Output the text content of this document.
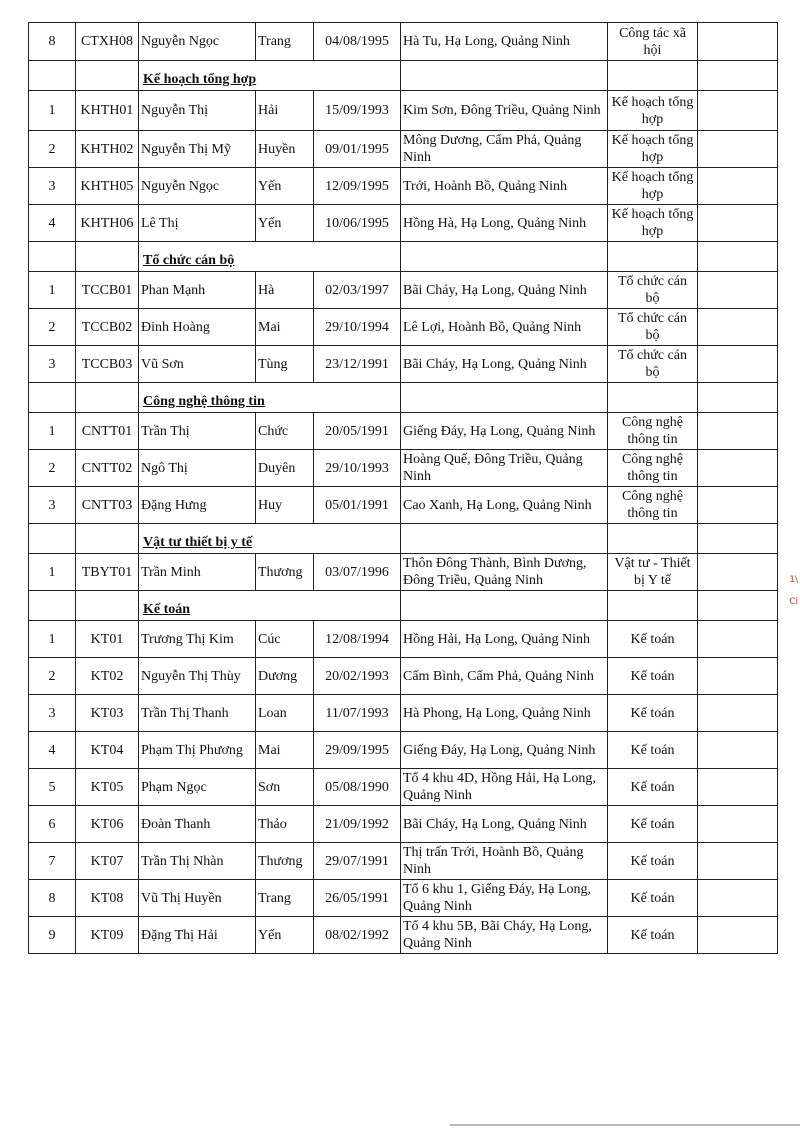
8	CTXH08	Nguyễn Ngọc	Trang	04/08/1995	Hà Tu, Hạ Long, Quảng Ninh	Công tác xã hội	
		Kế hoạch tổng hợp					
1	KHTH01	Nguyễn Thị	Hải	15/09/1993	Kim Sơn, Đông Triều, Quảng Ninh	Kế hoạch tổng hợp	
2	KHTH02	Nguyễn Thị Mỹ	Huyền	09/01/1995	Mông Dương, Cẩm Phả, Quảng Ninh	Kế hoạch tổng hợp	
3	KHTH05	Nguyễn Ngọc	Yến	12/09/1995	Trới, Hoành Bồ, Quảng Ninh	Kế hoạch tổng hợp	
4	KHTH06	Lê Thị	Yến	10/06/1995	Hồng Hà, Hạ Long, Quảng Ninh	Kế hoạch tổng hợp	
		Tổ chức cán bộ					
1	TCCB01	Phan Mạnh	Hà	02/03/1997	Bãi Cháy, Hạ Long, Quảng Ninh	Tổ chức cán bộ	
2	TCCB02	Đinh Hoàng	Mai	29/10/1994	Lê Lợi, Hoành Bồ, Quảng Ninh	Tổ chức cán bộ	
3	TCCB03	Vũ Sơn	Tùng	23/12/1991	Bãi Cháy, Hạ Long, Quảng Ninh	Tổ chức cán bộ	
		Công nghệ thông tin					
1	CNTT01	Trần Thị	Chức	20/05/1991	Giếng Đáy, Hạ Long, Quảng Ninh	Công nghệ thông tin	
2	CNTT02	Ngô Thị	Duyên	29/10/1993	Hoàng Quế, Đông Triều, Quảng Ninh	Công nghệ thông tin	
3	CNTT03	Đặng Hưng	Huy	05/01/1991	Cao Xanh, Hạ Long, Quảng Ninh	Công nghệ thông tin	
		Vật tư thiết bị y tế					
1	TBYT01	Trần Minh	Thương	03/07/1996	Thôn Đông Thành, Bình Dương, Đông Triều, Quảng Ninh	Vật tư - Thiết bị Y tế	
		Kế toán					
1	KT01	Trương Thị Kim	Cúc	12/08/1994	Hồng Hải, Hạ Long, Quảng Ninh	Kế toán	
2	KT02	Nguyễn Thị Thùy	Dương	20/02/1993	Cẩm Bình, Cẩm Phả, Quảng Ninh	Kế toán	
3	KT03	Trần Thị Thanh	Loan	11/07/1993	Hà Phong, Hạ Long, Quảng Ninh	Kế toán	
4	KT04	Phạm Thị Phương	Mai	29/09/1995	Giếng Đáy, Hạ Long, Quảng Ninh	Kế toán	
5	KT05	Phạm Ngọc	Sơn	05/08/1990	Tổ 4 khu 4D, Hồng Hải, Hạ Long, Quảng Ninh	Kế toán	
6	KT06	Đoàn Thanh	Thảo	21/09/1992	Bãi Cháy, Hạ Long, Quảng Ninh	Kế toán	
7	KT07	Trần Thị Nhàn	Thương	29/07/1991	Thị trấn Trới, Hoành Bồ, Quảng Ninh	Kế toán	
8	KT08	Vũ Thị Huyền	Trang	26/05/1991	Tổ 6 khu 1, Giếng Đáy, Hạ Long, Quảng Ninh	Kế toán	
9	KT09	Đặng Thị Hải	Yến	08/02/1992	Tổ 4 khu 5B, Bãi Cháy, Hạ Long, Quảng Ninh	Kế toán	
1\
Ci
